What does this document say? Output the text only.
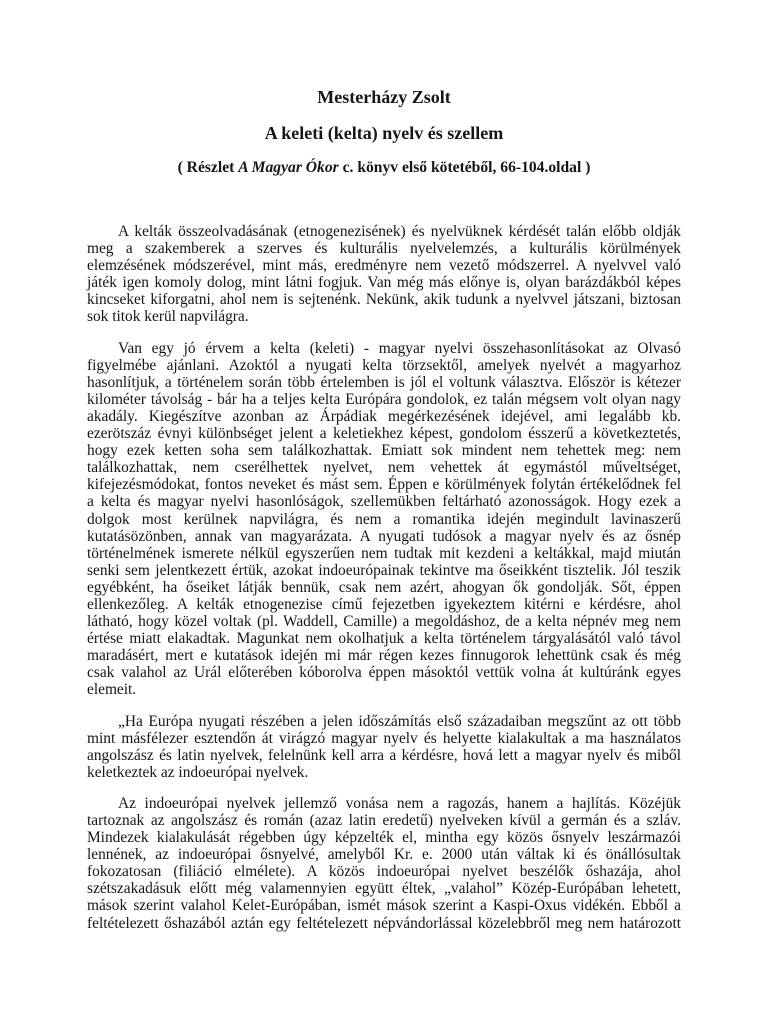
Mesterházy Zsolt
A keleti (kelta) nyelv és szellem
( Részlet A Magyar Ókor c. könyv első kötetéből, 66-104.oldal )

A kelták összeolvadásának (etnogenezisének) és nyelvüknek kérdését talán előbb oldják
meg a szakemberek a szerves és kulturális nyelvelemzés, a kulturális körülmények
elemzésének módszerével, mint más, eredményre nem vezető módszerrel. A nyelvvel való
játék igen komoly dolog, mint látni fogjuk. Van még más előnye is, olyan barázdákból képes
kincseket kiforgatni, ahol nem is sejtenénk. Nekünk, akik tudunk a nyelvvel játszani, biztosan
sok titok kerül napvilágra.

Van egy jó érvem a kelta (keleti) - magyar nyelvi összehasonlításokat az Olvasó
figyelmébe ajánlani. Azoktól a nyugati kelta törzsektől, amelyek nyelvét a magyarhoz
hasonlítjuk, a történelem során több értelemben is jól el voltunk választva. Először is kétezer
kilométer távolság - bár ha a teljes kelta Európára gondolok, ez talán mégsem volt olyan nagy
akadály. Kiegészítve azonban az Árpádiak megérkezésének idejével, ami legalább kb.
ezerötszáz évnyi különbséget jelent a keletiekhez képest, gondolom ésszerű a következtetés,
hogy ezek ketten soha sem találkozhattak. Emiatt sok mindent nem tehettek meg: nem
találkozhattak, nem cserélhettek nyelvet, nem vehettek át egymástól műveltséget,
kifejezésmódokat, fontos neveket és mást sem. Éppen e körülmények folytán értékelődnek fel
a kelta és magyar nyelvi hasonlóságok, szellemükben feltárható azonosságok. Hogy ezek a
dolgok most kerülnek napvilágra, és nem a romantika idején megindult lavinaszerű
kutatásözönben, annak van magyarázata. A nyugati tudósok a magyar nyelv és az ősnép
történelmének ismerete nélkül egyszerűen nem tudtak mit kezdeni a keltákkal, majd miután
senki sem jelentkezett értük, azokat indoeurópainak tekintve ma őseikként tisztelik. Jól teszik
egyébként, ha őseiket látják bennük, csak nem azért, ahogyan ők gondolják. Sőt, éppen
ellenkezőleg. A kelták etnogenezise című fejezetben igyekeztem kitérni e kérdésre, ahol
látható, hogy közel voltak (pl. Waddell, Camille) a megoldáshoz, de a kelta népnév meg nem
értése miatt elakadtak. Magunkat nem okolhatjuk a kelta történelem tárgyalásától való távol
maradásért, mert e kutatások idején mi már régen kezes finnugorok lehettünk csak és még
csak valahol az Urál előterében kóborolva éppen másoktól vettük volna át kultúránk egyes
elemeit.

„Ha Európa nyugati részében a jelen időszámítás első századaiban megszűnt az ott több
mint másfélezer esztendőn át virágzó magyar nyelv és helyette kialakultak a ma használatos
angolszász és latin nyelvek, felelnünk kell arra a kérdésre, hová lett a magyar nyelv és miből
keletkeztek az indoeurópai nyelvek.

Az indoeurópai nyelvek jellemző vonása nem a ragozás, hanem a hajlítás. Közéjük
tartoznak az angolszász és román (azaz latin eredetű) nyelveken kívül a germán és a szláv.
Mindezek kialakulását régebben úgy képzelték el, mintha egy közös ősnyelv leszármazói
lennének, az indoeurópai ősnyelvé, amelyből Kr. e. 2000 után váltak ki és önállósultak
fokozatosan (filiáció elmélete). A közös indoeurópai nyelvet beszélők őshazája, ahol
szétszakadásuk előtt még valamennyien együtt éltek, „valahol” Közép-Európában lehetett,
mások szerint valahol Kelet-Európában, ismét mások szerint a Kaspi-Oxus vidékén. Ebből a
feltételezett őshazából aztán egy feltételezett népvándorlással közelebbről meg nem határozott
